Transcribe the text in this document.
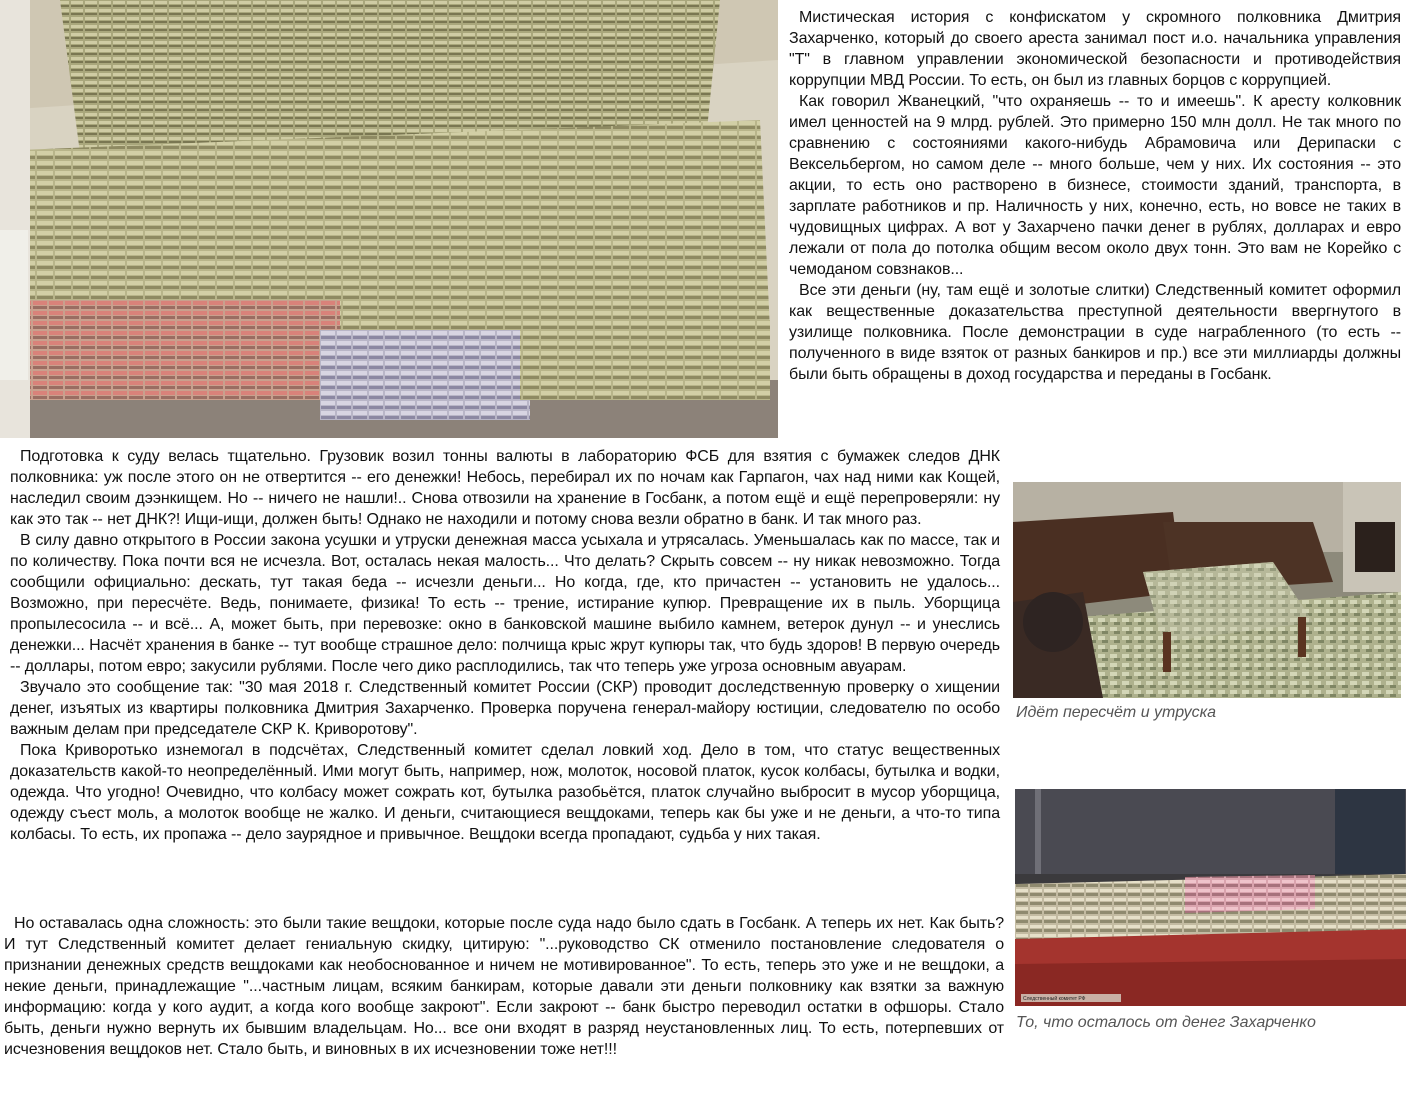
Идёт пересчёт и утруска

Следственный комитет РФ

То, что осталось от денег Захарченко

Мистическая история с конфискатом у скромного полковника Дмитрия Захарченко, который до своего ареста занимал пост и.о. начальника управления "Т" в главном управлении экономической безопасности и противодействия коррупции МВД России. То есть, он был из главных борцов с коррупцией.

Как говорил Жванецкий, "что охраняешь -- то и имеешь". К аресту колковник имел ценностей на 9 млрд. рублей. Это примерно 150 млн долл. Не так много по сравнению с состояниями какого-нибудь Абрамовича или Дерипаски с Вексельбергом, но самом деле -- много больше, чем у них. Их состояния -- это акции, то есть оно растворено в бизнесе, стоимости зданий, транспорта, в зарплате работников и пр. Наличность у них, конечно, есть, но вовсе не таких в чудовищных цифрах. А вот у Захарчено пачки денег в рублях, долларах и евро лежали от пола до потолка общим весом около двух тонн. Это вам не Корейко с чемоданом совзнаков...

Все эти деньги (ну, там ещё и золотые слитки) Следственный комитет оформил как вещественные доказательства преступной деятельности ввергнутого в узилище полковника. После демонстрации в суде награбленного (то есть -- полученного в виде взяток от разных банкиров и пр.) все эти миллиарды должны были быть обращены в доход государства и переданы в Госбанк.

Подготовка к суду велась тщательно. Грузовик возил тонны валюты в лабораторию ФСБ для взятия с бумажек следов ДНК полковника: уж после этого он не отвертится -- его денежки! Небось, перебирал их по ночам как Гарпагон, чах над ними как Кощей, наследил своим дээнкищем. Но -- ничего не нашли!.. Снова отвозили на хранение в Госбанк, а потом ещё и ещё перепроверяли: ну как это так -- нет ДНК?! Ищи-ищи, должен быть! Однако не находили и потому снова везли обратно в банк. И так много раз.

В силу давно открытого в России закона усушки и утруски денежная масса усыхала и утрясалась. Уменьшалась как по массе, так и по количеству. Пока почти вся не исчезла. Вот, осталась некая малость... Что делать? Скрыть совсем -- ну никак невозможно. Тогда сообщили официально: дескать, тут такая беда -- исчезли деньги... Но когда, где, кто причастен -- установить не удалось... Возможно, при пересчёте. Ведь, понимаете, физика! То есть -- трение, истирание купюр. Превращение их в пыль. Уборщица пропылесосила -- и всё... А, может быть, при перевозке: окно в банковской машине выбило камнем, ветерок дунул -- и унеслись денежки... Насчёт хранения в банке -- тут вообще страшное дело: полчища крыс жрут купюры так, что будь здоров! В первую очередь -- доллары, потом евро; закусили рублями. После чего дико расплодились, так что теперь уже угроза основным авуарам.

Звучало это сообщение так: "30 мая 2018 г. Следственный комитет России (СКР) проводит доследственную проверку о хищении денег, изъятых из квартиры полковника Дмитрия Захарченко. Проверка поручена генерал-майору юстиции, следователю по особо важным делам при председателе СКР К. Криворотову".

Пока Криворотько изнемогал в подсчётах, Следственный комитет сделал ловкий ход. Дело в том, что статус вещественных доказательств какой-то неопределённый. Ими могут быть, например, нож, молоток, носовой платок, кусок колбасы, бутылка и водки, одежда. Что угодно! Очевидно, что колбасу может сожрать кот, бутылка разобьётся, платок случайно выбросит в мусор уборщица, одежду съест моль, а молоток вообще не жалко. И деньги, считающиеся вещдоками, теперь как бы уже и не деньги, а что-то типа колбасы. То есть, их пропажа -- дело заурядное и привычное. Вещдоки всегда пропадают, судьба у них такая.

Но оставалась одна сложность: это были такие вещдоки, которые после суда надо было сдать в Госбанк. А теперь их нет. Как быть? И тут Следственный комитет делает гениальную скидку, цитирую: "...руководство СК отменило постановление следователя о признании денежных средств вещдоками как необоснованное и ничем не мотивированное". То есть, теперь это уже и не вещдоки, а некие деньги, принадлежащие "...частным лицам, всяким банкирам, которые давали эти деньги полковнику как взятки за важную информацию: когда у кого аудит, а когда кого вообще закроют". Если закроют -- банк быстро переводил остатки в офшоры. Стало быть, деньги нужно вернуть их бывшим владельцам. Но... все они входят в разряд неустановленных лиц. То есть, потерпевших от исчезновения вещдоков нет. Стало быть, и виновных в их исчезновении тоже нет!!!
